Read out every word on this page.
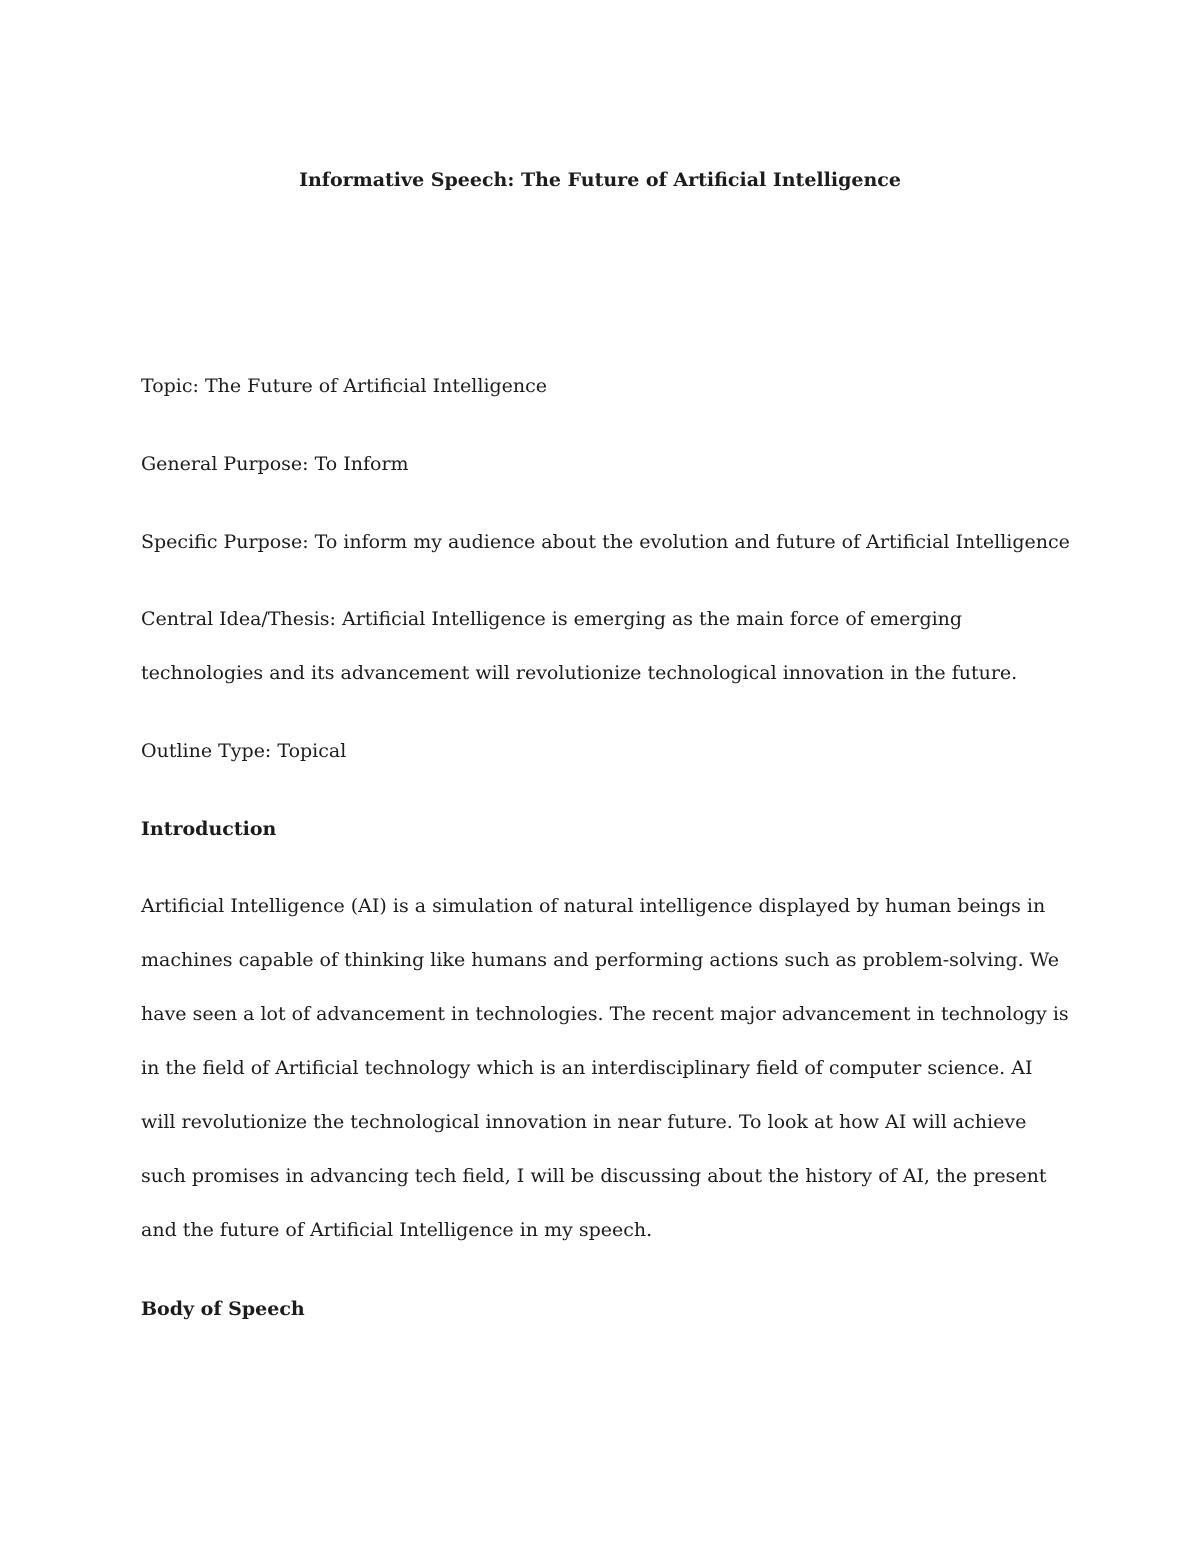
Informative Speech: The Future of Artificial Intelligence

Topic: The Future of Artificial Intelligence

General Purpose: To Inform

Specific Purpose: To inform my audience about the evolution and future of Artificial Intelligence

Central Idea/Thesis: Artificial Intelligence is emerging as the main force of emerging
technologies and its advancement will revolutionize technological innovation in the future.

Outline Type: Topical

Introduction
Artificial Intelligence (AI) is a simulation of natural intelligence displayed by human beings in
machines capable of thinking like humans and performing actions such as problem-solving. We
have seen a lot of advancement in technologies. The recent major advancement in technology is
in the field of Artificial technology which is an interdisciplinary field of computer science. AI
will revolutionize the technological innovation in near future. To look at how AI will achieve
such promises in advancing tech field, I will be discussing about the history of AI, the present
and the future of Artificial Intelligence in my speech.
Body of Speech
